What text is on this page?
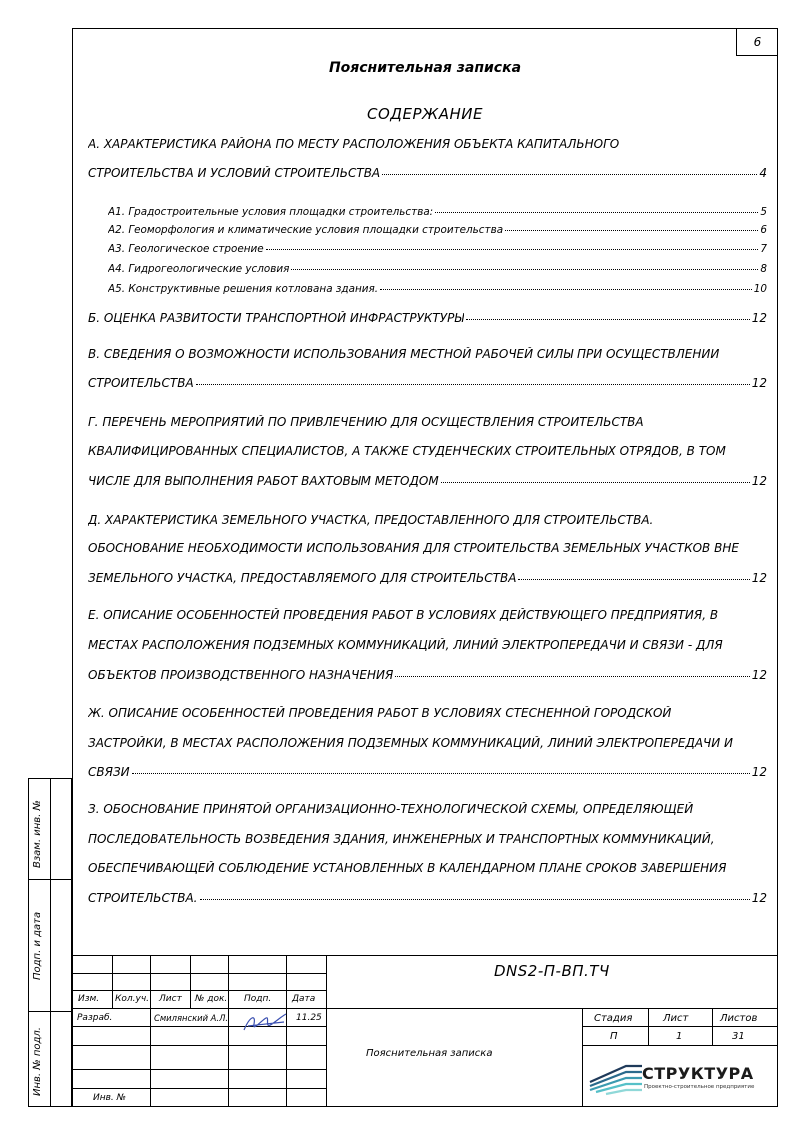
6
Пояснительная записка
СОДЕРЖАНИЕ
А. ХАРАКТЕРИСТИКА РАЙОНА ПО МЕСТУ РАСПОЛОЖЕНИЯ ОБЪЕКТА КАПИТАЛЬНОГО
СТРОИТЕЛЬСТВА И УСЛОВИЙ СТРОИТЕЛЬСТВА	4
А1. Градостроительные условия площадки строительства:	5
А2. Геоморфология и климатические условия площадки строительства	6
А3. Геологическое строение	7
А4. Гидрогеологические условия	8
А5. Конструктивные решения котлована здания.	10
Б. ОЦЕНКА РАЗВИТОСТИ ТРАНСПОРТНОЙ ИНФРАСТРУКТУРЫ	12
В. СВЕДЕНИЯ О ВОЗМОЖНОСТИ ИСПОЛЬЗОВАНИЯ МЕСТНОЙ РАБОЧЕЙ СИЛЫ ПРИ ОСУЩЕСТВЛЕНИИ
СТРОИТЕЛЬСТВА	12
Г. ПЕРЕЧЕНЬ МЕРОПРИЯТИЙ ПО ПРИВЛЕЧЕНИЮ ДЛЯ ОСУЩЕСТВЛЕНИЯ СТРОИТЕЛЬСТВА
КВАЛИФИЦИРОВАННЫХ СПЕЦИАЛИСТОВ, А ТАКЖЕ СТУДЕНЧЕСКИХ СТРОИТЕЛЬНЫХ ОТРЯДОВ, В ТОМ
ЧИСЛЕ ДЛЯ ВЫПОЛНЕНИЯ РАБОТ ВАХТОВЫМ МЕТОДОМ	12
Д. ХАРАКТЕРИСТИКА ЗЕМЕЛЬНОГО УЧАСТКА, ПРЕДОСТАВЛЕННОГО ДЛЯ СТРОИТЕЛЬСТВА.
ОБОСНОВАНИЕ НЕОБХОДИМОСТИ ИСПОЛЬЗОВАНИЯ ДЛЯ СТРОИТЕЛЬСТВА ЗЕМЕЛЬНЫХ УЧАСТКОВ ВНЕ
ЗЕМЕЛЬНОГО УЧАСТКА, ПРЕДОСТАВЛЯЕМОГО ДЛЯ СТРОИТЕЛЬСТВА	12
Е. ОПИСАНИЕ ОСОБЕННОСТЕЙ ПРОВЕДЕНИЯ РАБОТ В УСЛОВИЯХ ДЕЙСТВУЮЩЕГО ПРЕДПРИЯТИЯ, В
МЕСТАХ РАСПОЛОЖЕНИЯ ПОДЗЕМНЫХ КОММУНИКАЦИЙ, ЛИНИЙ ЭЛЕКТРОПЕРЕДАЧИ И СВЯЗИ - ДЛЯ
ОБЪЕКТОВ ПРОИЗВОДСТВЕННОГО НАЗНАЧЕНИЯ	12
Ж. ОПИСАНИЕ ОСОБЕННОСТЕЙ ПРОВЕДЕНИЯ РАБОТ В УСЛОВИЯХ СТЕСНЕННОЙ ГОРОДСКОЙ
ЗАСТРОЙКИ, В МЕСТАХ РАСПОЛОЖЕНИЯ ПОДЗЕМНЫХ КОММУНИКАЦИЙ, ЛИНИЙ ЭЛЕКТРОПЕРЕДАЧИ И
СВЯЗИ	12
З. ОБОСНОВАНИЕ ПРИНЯТОЙ ОРГАНИЗАЦИОННО-ТЕХНОЛОГИЧЕСКОЙ СХЕМЫ, ОПРЕДЕЛЯЮЩЕЙ
ПОСЛЕДОВАТЕЛЬНОСТЬ ВОЗВЕДЕНИЯ ЗДАНИЯ, ИНЖЕНЕРНЫХ И ТРАНСПОРТНЫХ КОММУНИКАЦИЙ,
ОБЕСПЕЧИВАЮЩЕЙ СОБЛЮДЕНИЕ УСТАНОВЛЕННЫХ В КАЛЕНДАРНОМ ПЛАНЕ СРОКОВ ЗАВЕРШЕНИЯ
СТРОИТЕЛЬСТВА.	12
Взам. инв. №
Подп. и дата
Инв. № подл.
DNS2-П-ВП.ТЧ
Изм. Кол.уч. Лист № док. Подп. Дата
Разраб.	Смилянский А.Л.	11.25
Инв. №
Пояснительная записка
Стадия	Лист	Листов
П	1	31
СТРУКТУРА
Проектно-строительное предприятие
